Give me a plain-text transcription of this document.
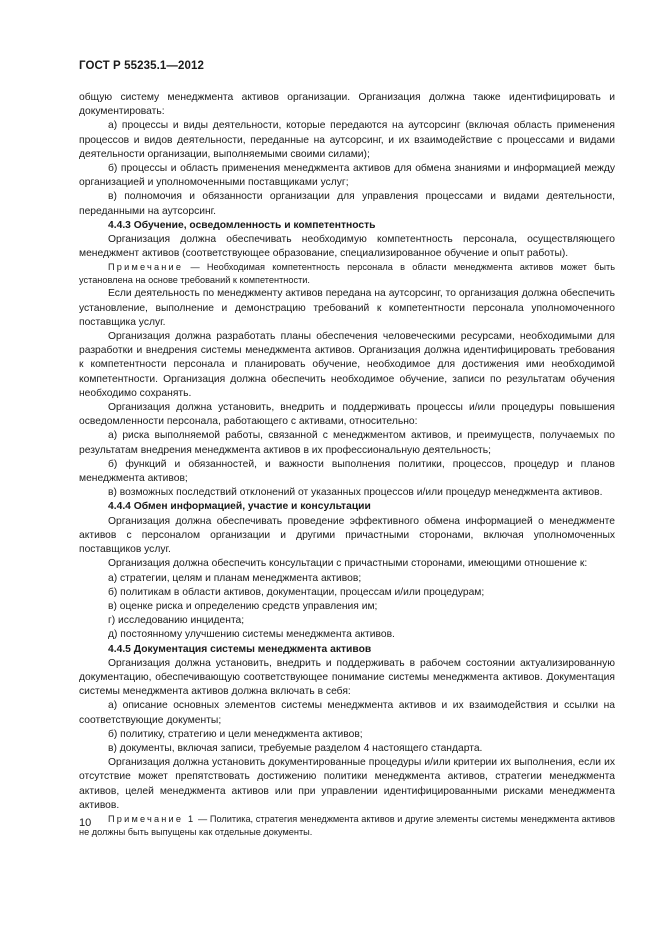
ГОСТ Р 55235.1—2012

общую систему менеджмента активов организации. Организация должна также идентифицировать и документировать:

а) процессы и виды деятельности, которые передаются на аутсорсинг (включая область применения процессов и видов деятельности, переданные на аутсорсинг, и их взаимодействие с процессами и видами деятельности организации, выполняемыми своими силами);

б) процессы и область применения менеджмента активов для обмена знаниями и информацией между организацией и уполномоченными поставщиками услуг;

в) полномочия и обязанности организации для управления процессами и видами деятельности, переданными на аутсорсинг.

4.4.3 Обучение, осведомленность и компетентность

Организация должна обеспечивать необходимую компетентность персонала, осуществляющего менеджмент активов (соответствующее образование, специализированное обучение и опыт работы).

Примечание — Необходимая компетентность персонала в области менеджмента активов может быть установлена на основе требований к компетентности.

Если деятельность по менеджменту активов передана на аутсорсинг, то организация должна обеспечить установление, выполнение и демонстрацию требований к компетентности персонала уполномоченного поставщика услуг.

Организация должна разработать планы обеспечения человеческими ресурсами, необходимыми для разработки и внедрения системы менеджмента активов. Организация должна идентифицировать требования к компетентности персонала и планировать обучение, необходимое для достижения ими необходимой компетентности. Организация должна обеспечить необходимое обучение, записи по результатам обучения необходимо сохранять.

Организация должна установить, внедрить и поддерживать процессы и/или процедуры повышения осведомленности персонала, работающего с активами, относительно:

а) риска выполняемой работы, связанной с менеджментом активов, и преимуществ, получаемых по результатам внедрения менеджмента активов в их профессиональную деятельность;

б) функций и обязанностей, и важности выполнения политики, процессов, процедур и планов менеджмента активов;

в) возможных последствий отклонений от указанных процессов и/или процедур менеджмента активов.

4.4.4 Обмен информацией, участие и консультации

Организация должна обеспечивать проведение эффективного обмена информацией о менеджменте активов с персоналом организации и другими причастными сторонами, включая уполномоченных поставщиков услуг.

Организация должна обеспечить консультации с причастными сторонами, имеющими отношение к:

а) стратегии, целям и планам менеджмента активов;

б) политикам в области активов, документации, процессам и/или процедурам;

в) оценке риска и определению средств управления им;

г) исследованию инцидента;

д) постоянному улучшению системы менеджмента активов.

4.4.5 Документация системы менеджмента активов

Организация должна установить, внедрить и поддерживать в рабочем состоянии актуализированную документацию, обеспечивающую соответствующее понимание системы менеджмента активов. Документация системы менеджмента активов должна включать в себя:

а) описание основных элементов системы менеджмента активов и их взаимодействия и ссылки на соответствующие документы;

б) политику, стратегию и цели менеджмента активов;

в) документы, включая записи, требуемые разделом 4 настоящего стандарта.

Организация должна установить документированные процедуры и/или критерии их выполнения, если их отсутствие может препятствовать достижению политики менеджмента активов, стратегии менеджмента активов, целей менеджмента активов или при управлении идентифицированными рисками менеджмента активов.

Примечание 1 — Политика, стратегия менеджмента активов и другие элементы системы менеджмента активов не должны быть выпущены как отдельные документы.

10
